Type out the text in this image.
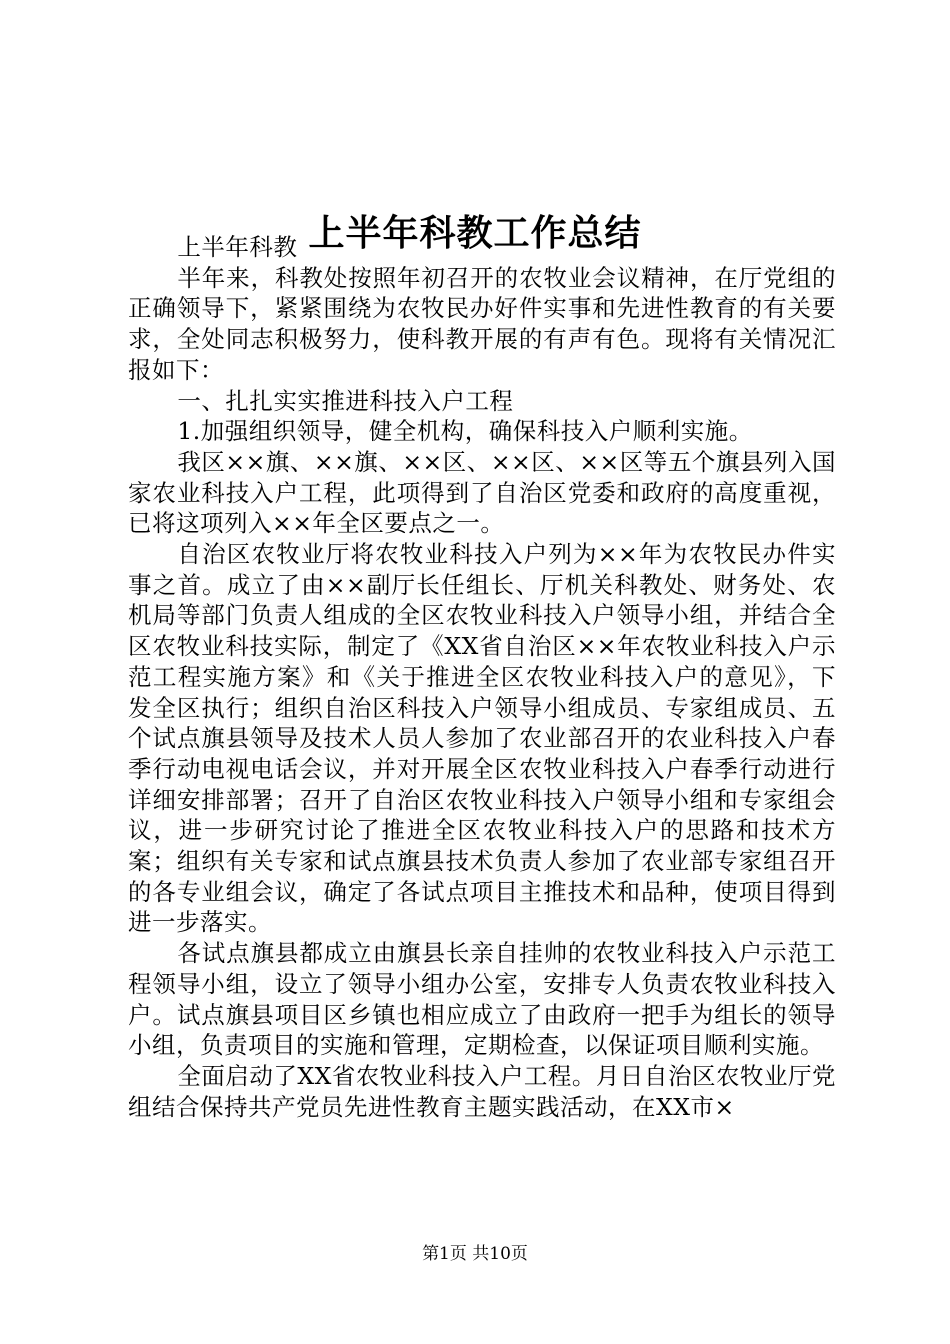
上半年科教工作总结

上半年科教

半年来，科教处按照年初召开的农牧业会议精神，在厅党组的正确领导下，紧紧围绕为农牧民办好件实事和先进性教育的有关要求，全处同志积极努力，使科教开展的有声有色。现将有关情况汇报如下：

一、扎扎实实推进科技入户工程

1.加强组织领导，健全机构，确保科技入户顺利实施。

我区××旗、××旗、××区、××区、××区等五个旗县列入国家农业科技入户工程，此项得到了自治区党委和政府的高度重视，已将这项列入××年全区要点之一。

自治区农牧业厅将农牧业科技入户列为××年为农牧民办件实事之首。成立了由××副厅长任组长、厅机关科教处、财务处、农机局等部门负责人组成的全区农牧业科技入户领导小组，并结合全区农牧业科技实际，制定了《XX省自治区××年农牧业科技入户示范工程实施方案》和《关于推进全区农牧业科技入户的意见》，下发全区执行；组织自治区科技入户领导小组成员、专家组成员、五个试点旗县领导及技术人员人参加了农业部召开的农业科技入户春季行动电视电话会议，并对开展全区农牧业科技入户春季行动进行详细安排部署；召开了自治区农牧业科技入户领导小组和专家组会议，进一步研究讨论了推进全区农牧业科技入户的思路和技术方案；组织有关专家和试点旗县技术负责人参加了农业部专家组召开的各专业组会议，确定了各试点项目主推技术和品种，使项目得到进一步落实。

各试点旗县都成立由旗县长亲自挂帅的农牧业科技入户示范工程领导小组，设立了领导小组办公室，安排专人负责农牧业科技入户。试点旗县项目区乡镇也相应成立了由政府一把手为组长的领导小组，负责项目的实施和管理，定期检查，以保证项目顺利实施。

全面启动了XX省农牧业科技入户工程。月日自治区农牧业厅党组结合保持共产党员先进性教育主题实践活动，在XX市×

第1页 共10页
